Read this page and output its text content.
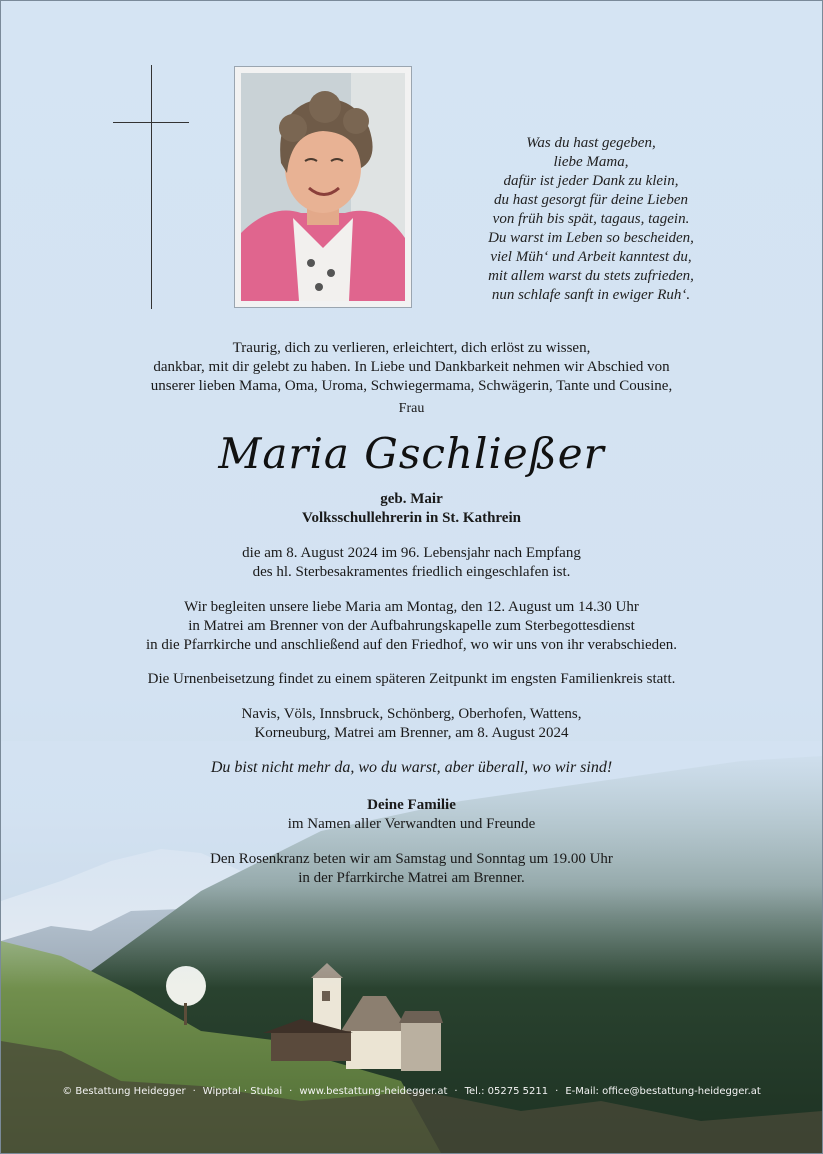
Was du hast gegeben,
liebe Mama,
dafür ist jeder Dank zu klein,
du hast gesorgt für deine Lieben
von früh bis spät, tagaus, tagein.
Du warst im Leben so bescheiden,
viel Müh‘ und Arbeit kanntest du,
mit allem warst du stets zufrieden,
nun schlafe sanft in ewiger Ruh‘.
Traurig, dich zu verlieren, erleichtert, dich erlöst zu wissen,
dankbar, mit dir gelebt zu haben. In Liebe und Dankbarkeit nehmen wir Abschied von
unserer lieben Mama, Oma, Uroma, Schwiegermama, Schwägerin, Tante und Cousine,
Frau
Maria Gschließer
geb. Mair
Volksschullehrerin in St. Kathrein
die am 8. August 2024 im 96. Lebensjahr nach Empfang
des hl. Sterbesakramentes friedlich eingeschlafen ist.
Wir begleiten unsere liebe Maria am Montag, den 12. August um 14.30 Uhr
in Matrei am Brenner von der Aufbahrungskapelle zum Sterbegottesdienst
in die Pfarrkirche und anschließend auf den Friedhof, wo wir uns von ihr verabschieden.
Die Urnenbeisetzung findet zu einem späteren Zeitpunkt im engsten Familienkreis statt.
Navis, Völs, Innsbruck, Schönberg, Oberhofen, Wattens,
Korneuburg, Matrei am Brenner, am 8. August 2024
Du bist nicht mehr da, wo du warst, aber überall, wo wir sind!
Deine Familie
im Namen aller Verwandten und Freunde
Den Rosenkranz beten wir am Samstag und Sonntag um 19.00 Uhr
in der Pfarrkirche Matrei am Brenner.
© Bestattung Heidegger · Wipptal · Stubai · www.bestattung-heidegger.at · Tel.: 05275 5211 · E-Mail: office@bestattung-heidegger.at
